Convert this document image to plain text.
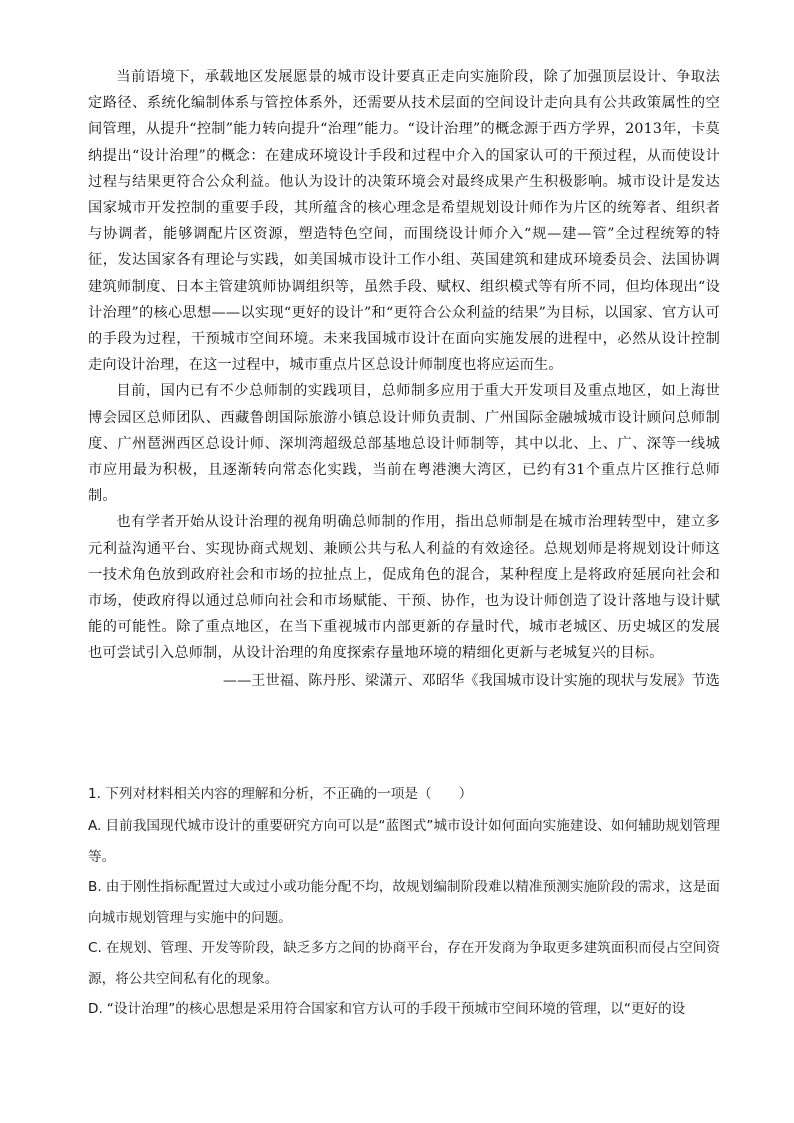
当前语境下，承载地区发展愿景的城市设计要真正走向实施阶段，除了加强顶层设计、争取法定路径、系统化编制体系与管控体系外，还需要从技术层面的空间设计走向具有公共政策属性的空间管理，从提升“控制”能力转向提升“治理”能力。“设计治理”的概念源于西方学界，2013年，卡莫纳提出“设计治理”的概念：在建成环境设计手段和过程中介入的国家认可的干预过程，从而使设计过程与结果更符合公众利益。他认为设计的决策环境会对最终成果产生积极影响。城市设计是发达国家城市开发控制的重要手段，其所蕴含的核心理念是希望规划设计师作为片区的统筹者、组织者与协调者，能够调配片区资源，塑造特色空间，而围绕设计师介入“规—建—管”全过程统筹的特征，发达国家各有理论与实践，如美国城市设计工作小组、英国建筑和建成环境委员会、法国协调建筑师制度、日本主管建筑师协调组织等，虽然手段、赋权、组织模式等有所不同，但均体现出“设计治理”的核心思想——以实现“更好的设计”和“更符合公众利益的结果”为目标，以国家、官方认可的手段为过程，干预城市空间环境。未来我国城市设计在面向实施发展的进程中，必然从设计控制走向设计治理，在这一过程中，城市重点片区总设计师制度也将应运而生。

目前，国内已有不少总师制的实践项目，总师制多应用于重大开发项目及重点地区，如上海世博会园区总师团队、西藏鲁朗国际旅游小镇总设计师负责制、广州国际金融城城市设计顾问总师制度、广州琶洲西区总设计师、深圳湾超级总部基地总设计师制等，其中以北、上、广、深等一线城市应用最为积极，且逐渐转向常态化实践，当前在粤港澳大湾区，已约有31个重点片区推行总师制。

也有学者开始从设计治理的视角明确总师制的作用，指出总师制是在城市治理转型中，建立多元利益沟通平台、实现协商式规划、兼顾公共与私人利益的有效途径。总规划师是将规划设计师这一技术角色放到政府社会和市场的拉扯点上，促成角色的混合，某种程度上是将政府延展向社会和市场，使政府得以通过总师向社会和市场赋能、干预、协作，也为设计师创造了设计落地与设计赋能的可能性。除了重点地区，在当下重视城市内部更新的存量时代，城市老城区、历史城区的发展也可尝试引入总师制，从设计治理的角度探索存量地环境的精细化更新与老城复兴的目标。

——王世福、陈丹彤、梁潇亓、邓昭华《我国城市设计实施的现状与发展》节选
1. 下列对材料相关内容的理解和分析，不正确的一项是（　　）
A. 目前我国现代城市设计的重要研究方向可以是“蓝图式”城市设计如何面向实施建设、如何辅助规划管理等。
B. 由于刚性指标配置过大或过小或功能分配不均，故规划编制阶段难以精准预测实施阶段的需求，这是面向城市规划管理与实施中的问题。
C. 在规划、管理、开发等阶段，缺乏多方之间的协商平台，存在开发商为争取更多建筑面积而侵占空间资源，将公共空间私有化的现象。
D. “设计治理”的核心思想是采用符合国家和官方认可的手段干预城市空间环境的管理，以“更好的设
